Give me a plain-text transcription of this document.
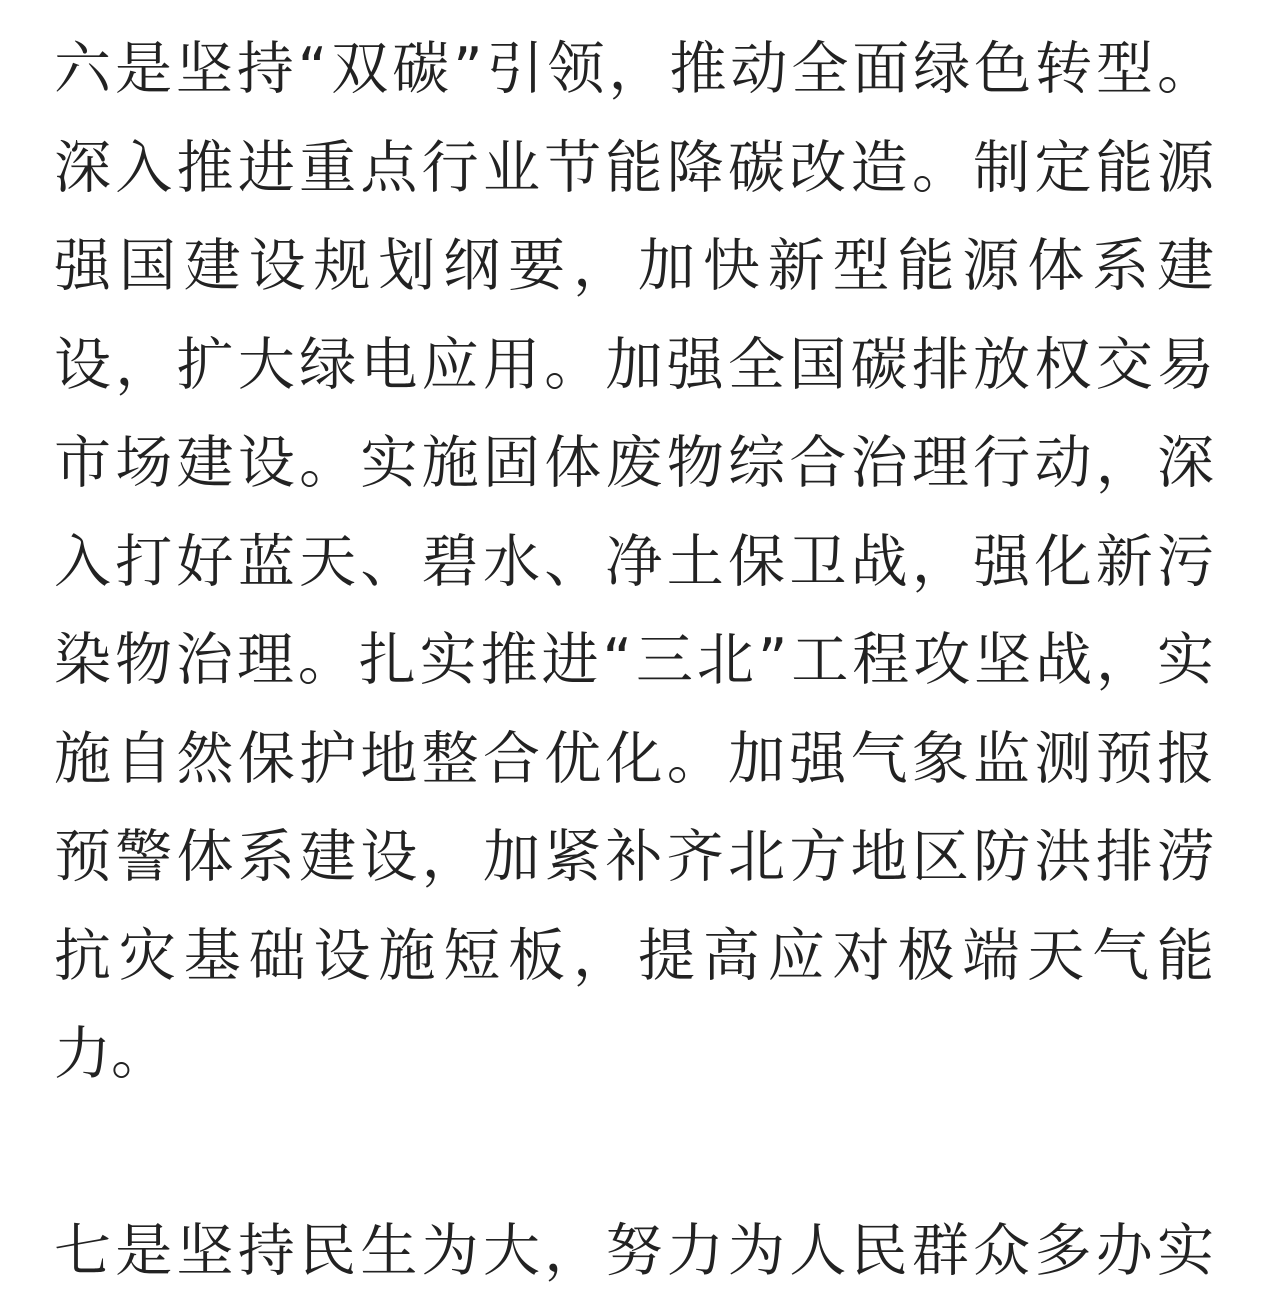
六是坚持“双碳”引领，推动全面绿色转型。
深入推进重点行业节能降碳改造。制定能源
强国建设规划纲要，加快新型能源体系建
设，扩大绿电应用。加强全国碳排放权交易
市场建设。实施固体废物综合治理行动，深
入打好蓝天、碧水、净土保卫战，强化新污
染物治理。扎实推进“三北”工程攻坚战，实
施自然保护地整合优化。加强气象监测预报
预警体系建设，加紧补齐北方地区防洪排涝
抗灾基础设施短板，提高应对极端天气能
力。
七是坚持民生为大，努力为人民群众多办实
